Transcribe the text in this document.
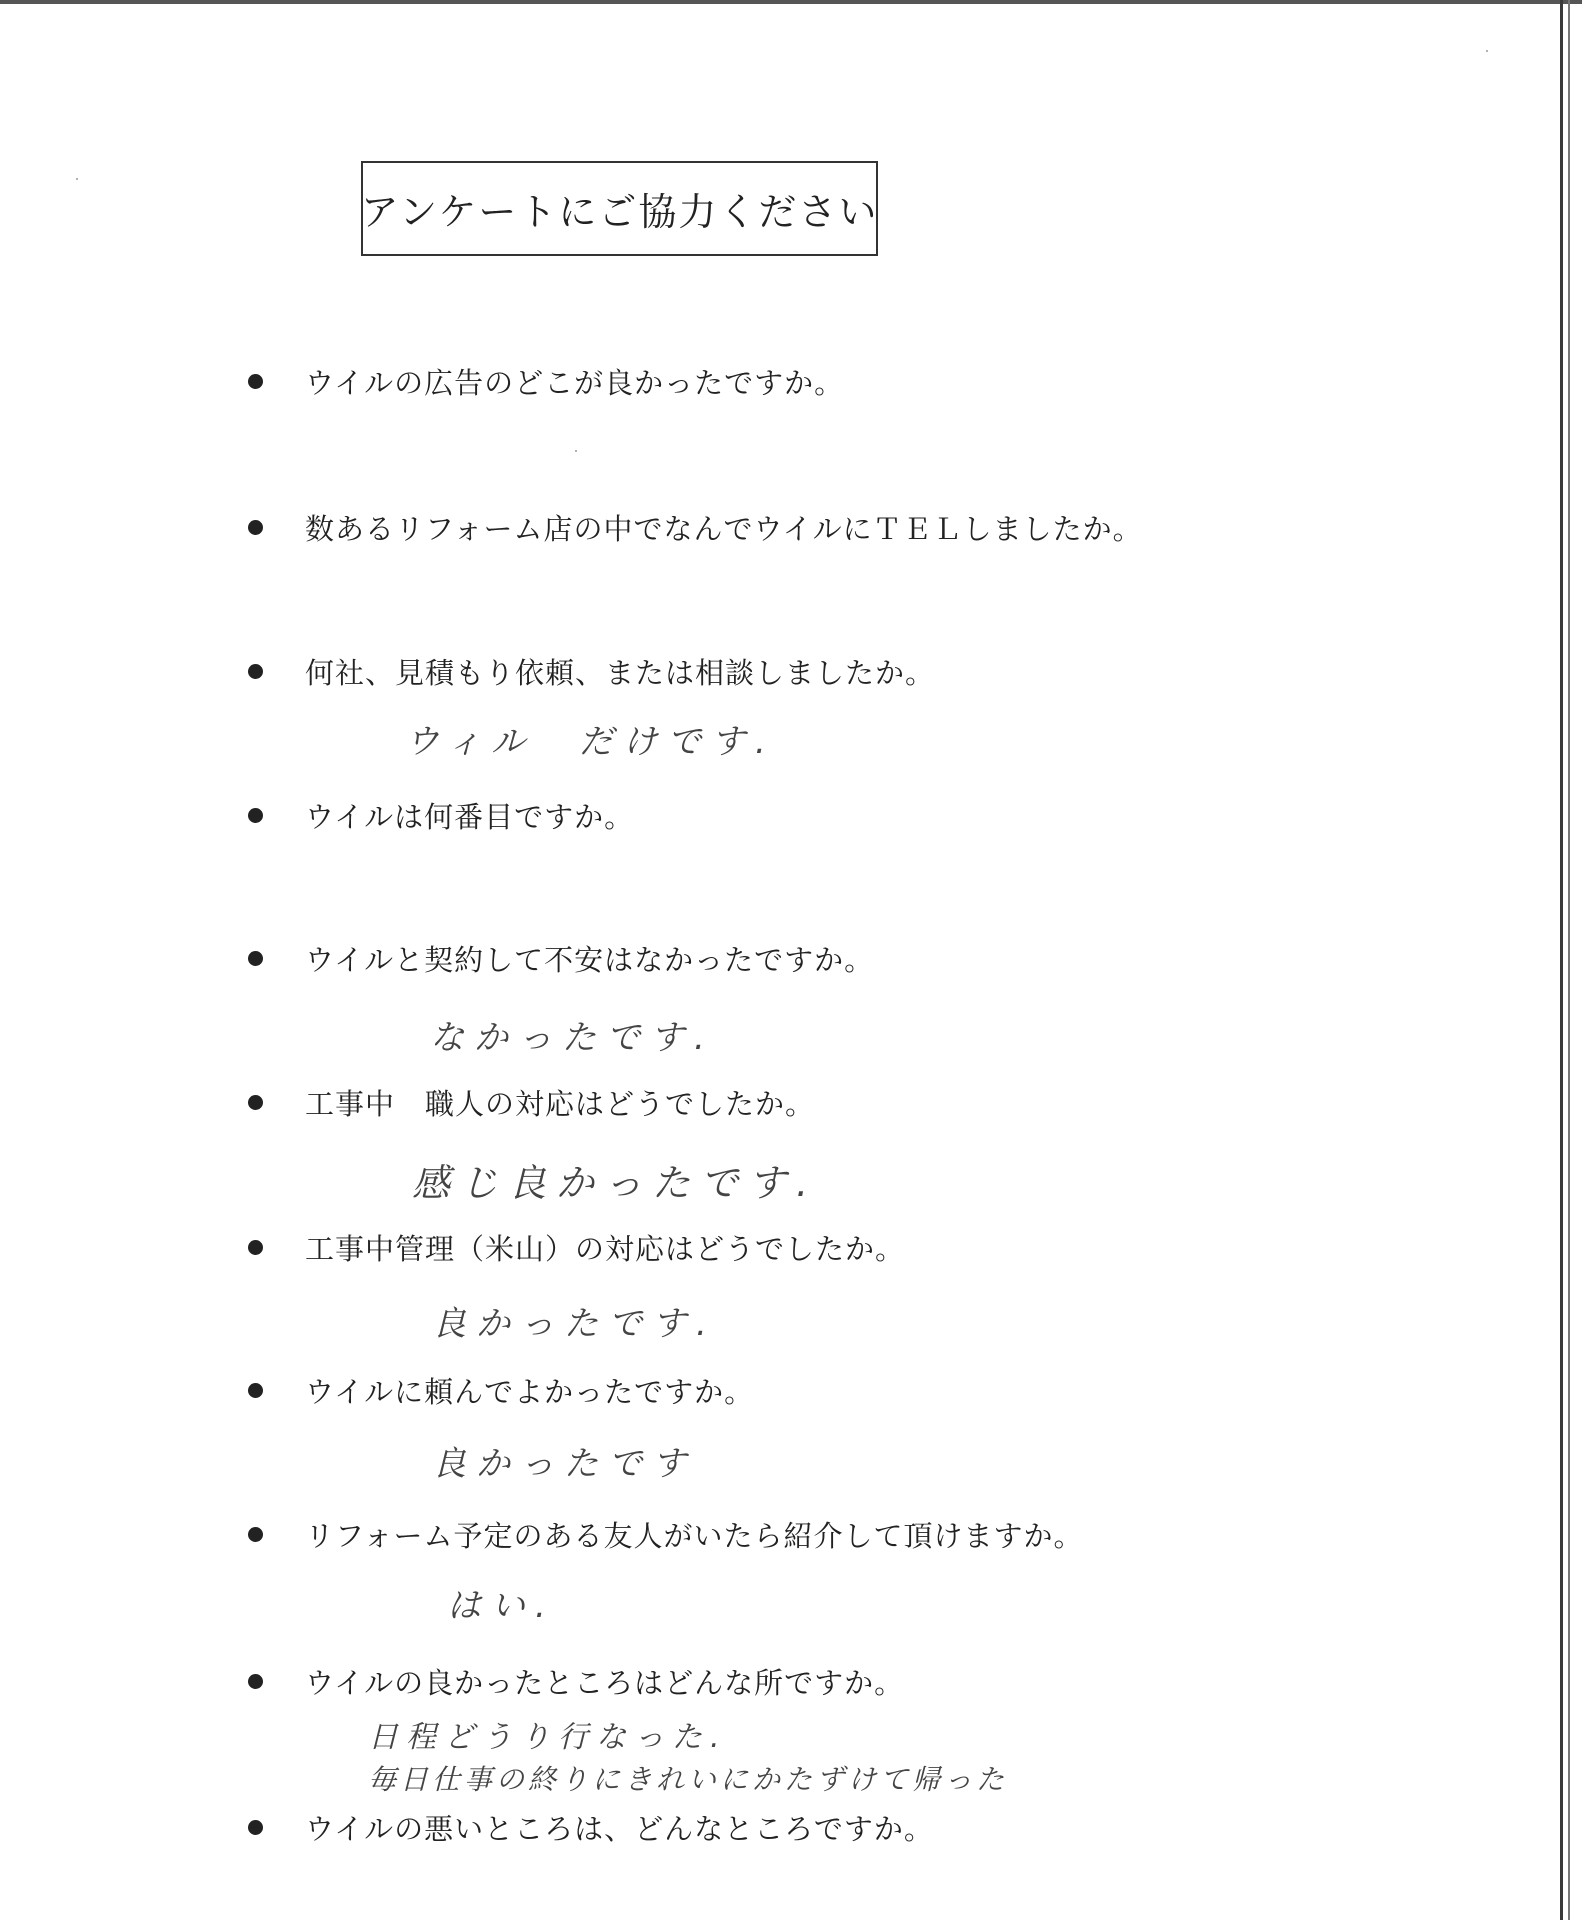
アンケートにご協力ください
ウイルの広告のどこが良かったですか。
数あるリフォーム店の中でなんでウイルにＴＥＬしましたか。
何社、見積もり依頼、または相談しましたか。
ウィル　だけです.
ウイルは何番目ですか。
ウイルと契約して不安はなかったですか。
なかったです.
工事中　職人の対応はどうでしたか。
感じ良かったです.
工事中管理（米山）の対応はどうでしたか。
良かったです.
ウイルに頼んでよかったですか。
良かったです
リフォーム予定のある友人がいたら紹介して頂けますか。
はい.
ウイルの良かったところはどんな所ですか。
日程どうり行なった.
毎日仕事の終りにきれいにかたずけて帰った
ウイルの悪いところは、どんなところですか。
